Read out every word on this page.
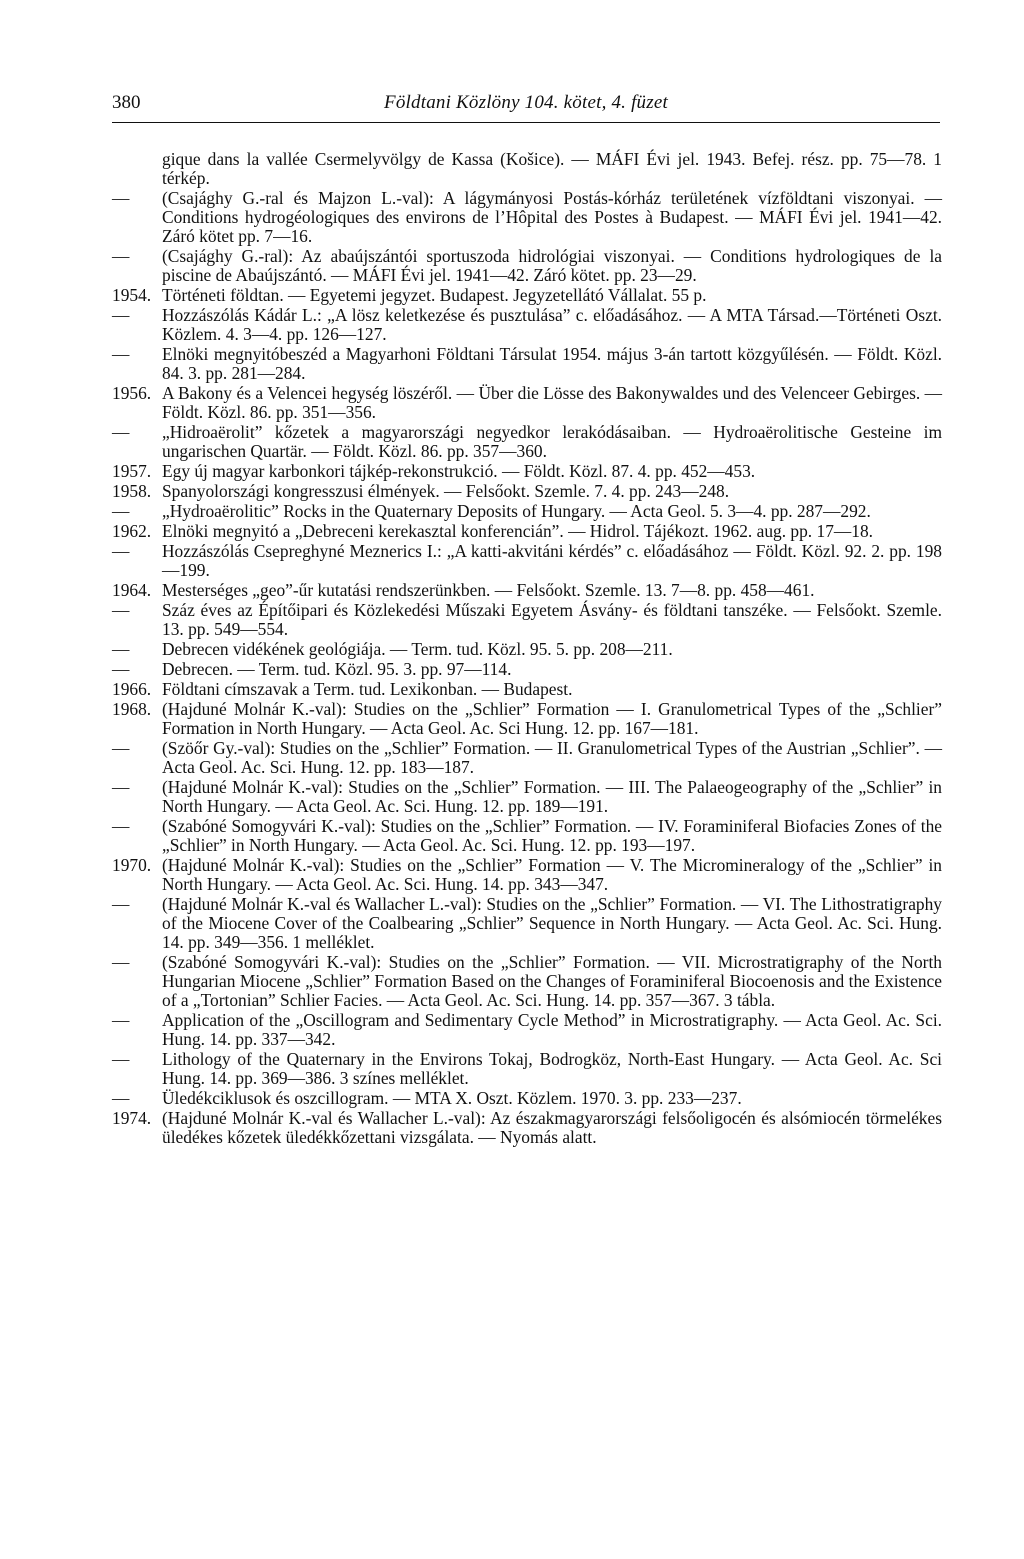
380	Földtani Közlöny 104. kötet, 4. füzet
gique dans la vallée Csermelyvölgy de Kassa (Košice). — MÁFI Évi jel. 1943. Befej. rész. pp. 75—78. 1 térkép.
—	(Csajághy G.-ral és Majzon L.-val): A lágymányosi Postás-kórház területének vízföldtani viszonyai. — Conditions hydrogéologiques des environs de l’Hôpital des Postes à Budapest. — MÁFI Évi jel. 1941—42. Záró kötet pp. 7—16.
—	(Csajághy G.-ral): Az abaújszántói sportuszoda hidrológiai viszonyai. — Conditions hydrologiques de la piscine de Abaújszántó. — MÁFI Évi jel. 1941—42. Záró kötet. pp. 23—29.
1954. Történeti földtan. — Egyetemi jegyzet. Budapest. Jegyzetellátó Vállalat. 55 p.
—	Hozzászólás Kádár L.: „A lösz keletkezése és pusztulása” c. előadásához. — A MTA Társad.—Történeti Oszt. Közlem. 4. 3—4. pp. 126—127.
—	Elnöki megnyitóbeszéd a Magyarhoni Földtani Társulat 1954. május 3-án tartott közgyűlésén. — Földt. Közl. 84. 3. pp. 281—284.
1956. A Bakony és a Velencei hegység löszéről. — Über die Lösse des Bakonywaldes und des Velenceer Gebirges. — Földt. Közl. 86. pp. 351—356.
—	„Hidroaërolit” kőzetek a magyarországi negyedkor lerakódásaiban. — Hydroaërolitische Gesteine im ungarischen Quartär. — Földt. Közl. 86. pp. 357—360.
1957. Egy új magyar karbonkori tájkép-rekonstrukció. — Földt. Közl. 87. 4. pp. 452—453.
1958. Spanyolországi kongresszusi élmények. — Felsőokt. Szemle. 7. 4. pp. 243—248.
—	„Hydroaërolitic” Rocks in the Quaternary Deposits of Hungary. — Acta Geol. 5. 3—4. pp. 287—292.
1962. Elnöki megnyitó a „Debreceni kerekasztal konferencián”. — Hidrol. Tájékozt. 1962. aug. pp. 17—18.
—	Hozzászólás Csepreghyné Meznerics I.: „A katti-akvitáni kérdés” c. előadásához — Földt. Közl. 92. 2. pp. 198—199.
1964. Mesterséges „geo”-űr kutatási rendszerünkben. — Felsőokt. Szemle. 13. 7—8. pp. 458—461.
—	Száz éves az Építőipari és Közlekedési Műszaki Egyetem Ásvány- és földtani tanszéke. — Felsőokt. Szemle. 13. pp. 549—554.
—	Debrecen vidékének geológiája. — Term. tud. Közl. 95. 5. pp. 208—211.
—	Debrecen. — Term. tud. Közl. 95. 3. pp. 97—114.
1966. Földtani címszavak a Term. tud. Lexikonban. — Budapest.
1968. (Hajduné Molnár K.-val): Studies on the „Schlier” Formation — I. Granulometrical Types of the „Schlier” Formation in North Hungary. — Acta Geol. Ac. Sci Hung. 12. pp. 167—181.
—	(Szöőr Gy.-val): Studies on the „Schlier” Formation. — II. Granulometrical Types of the Austrian „Schlier”. — Acta Geol. Ac. Sci. Hung. 12. pp. 183—187.
—	(Hajduné Molnár K.-val): Studies on the „Schlier” Formation. — III. The Palaeogeography of the „Schlier” in North Hungary. — Acta Geol. Ac. Sci. Hung. 12. pp. 189—191.
—	(Szabóné Somogyvári K.-val): Studies on the „Schlier” Formation. — IV. Foraminiferal Biofacies Zones of the „Schlier” in North Hungary. — Acta Geol. Ac. Sci. Hung. 12. pp. 193—197.
1970. (Hajduné Molnár K.-val): Studies on the „Schlier” Formation — V. The Micromineralogy of the „Schlier” in North Hungary. — Acta Geol. Ac. Sci. Hung. 14. pp. 343—347.
—	(Hajduné Molnár K.-val és Wallacher L.-val): Studies on the „Schlier” Formation. — VI. The Lithostratigraphy of the Miocene Cover of the Coalbearing „Schlier” Sequence in North Hungary. — Acta Geol. Ac. Sci. Hung. 14. pp. 349—356. 1 melléklet.
—	(Szabóné Somogyvári K.-val): Studies on the „Schlier” Formation. — VII. Microstratigraphy of the North Hungarian Miocene „Schlier” Formation Based on the Changes of Foraminiferal Biocoenosis and the Existence of a „Tortonian” Schlier Facies. — Acta Geol. Ac. Sci. Hung. 14. pp. 357—367. 3 tábla.
—	Application of the „Oscillogram and Sedimentary Cycle Method” in Microstratigraphy. — Acta Geol. Ac. Sci. Hung. 14. pp. 337—342.
—	Lithology of the Quaternary in the Environs Tokaj, Bodrogköz, North-East Hungary. — Acta Geol. Ac. Sci Hung. 14. pp. 369—386. 3 színes melléklet.
—	Üledékciklusok és oszcillogram. — MTA X. Oszt. Közlem. 1970. 3. pp. 233—237.
1974. (Hajduné Molnár K.-val és Wallacher L.-val): Az északmagyarországi felsőoligocén és alsómiocén törmelékes üledékes kőzetek üledékkőzettani vizsgálata. — Nyomás alatt.
